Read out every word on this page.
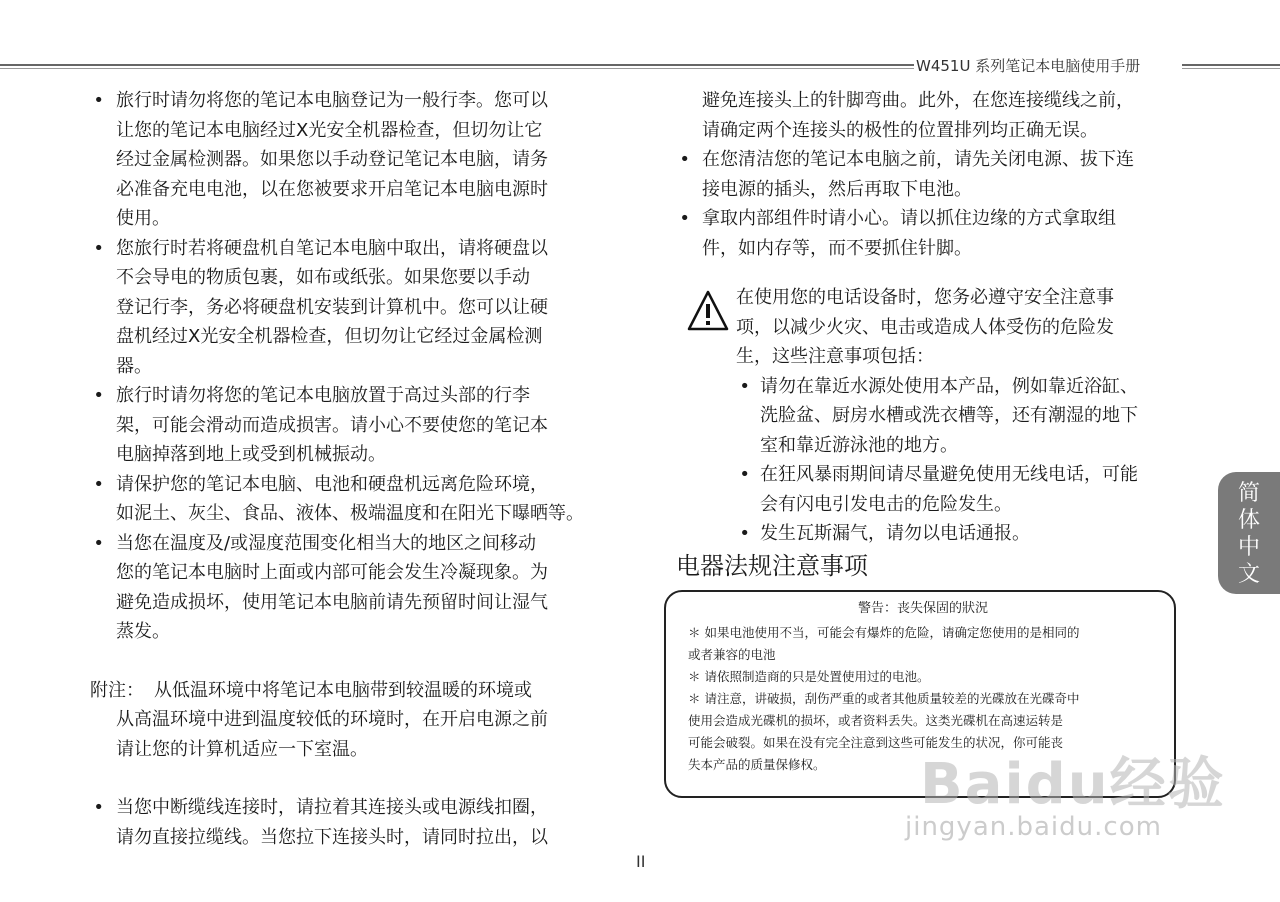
W451U 系列笔记本电脑使用手册
• 旅行时请勿将您的笔记本电脑登记为一般行李。您可以
让您的笔记本电脑经过X光安全机器检查，但切勿让它
经过金属检测器。如果您以手动登记笔记本电脑，请务
必准备充电电池，以在您被要求开启笔记本电脑电源时
使用。
• 您旅行时若将硬盘机自笔记本电脑中取出，请将硬盘以
不会导电的物质包裹，如布或纸张。如果您要以手动
登记行李，务必将硬盘机安装到计算机中。您可以让硬
盘机经过X光安全机器检查，但切勿让它经过金属检测
器。
• 旅行时请勿将您的笔记本电脑放置于高过头部的行李
架，可能会滑动而造成损害。请小心不要使您的笔记本
电脑掉落到地上或受到机械振动。
• 请保护您的笔记本电脑、电池和硬盘机远离危险环境，
如泥土、灰尘、食品、液体、极端温度和在阳光下曝晒等。
• 当您在温度及/或湿度范围变化相当大的地区之间移动
您的笔记本电脑时上面或内部可能会发生冷凝现象。为
避免造成损坏，使用笔记本电脑前请先预留时间让湿气
蒸发。
附注： 从低温环境中将笔记本电脑带到较温暖的环境或
从高温环境中进到温度较低的环境时，在开启电源之前
请让您的计算机适应一下室温。
• 当您中断缆线连接时，请拉着其连接头或电源线扣圈，
请勿直接拉缆线。当您拉下连接头时，请同时拉出，以
避免连接头上的针脚弯曲。此外，在您连接缆线之前，
请确定两个连接头的极性的位置排列均正确无误。
• 在您清洁您的笔记本电脑之前，请先关闭电源、拔下连
接电源的插头，然后再取下电池。
• 拿取内部组件时请小心。请以抓住边缘的方式拿取组
件，如内存等，而不要抓住针脚。
在使用您的电话设备时，您务必遵守安全注意事
项，以减少火灾、电击或造成人体受伤的危险发
生，这些注意事项包括：
• 请勿在靠近水源处使用本产品，例如靠近浴缸、
洗脸盆、厨房水槽或洗衣槽等，还有潮湿的地下
室和靠近游泳池的地方。
• 在狂风暴雨期间请尽量避免使用无线电话，可能
会有闪电引发电击的危险发生。
• 发生瓦斯漏气，请勿以电话通报。
电器法规注意事项
警告：丧失保固的狀況
＊ 如果电池使用不当，可能会有爆炸的危险，请确定您使用的是相同的
或者兼容的电池
＊ 请依照制造商的只是处置使用过的电池。
＊ 请注意，讲破损，刮伤严重的或者其他质量较差的光碟放在光碟奇中
使用会造成光碟机的损坏，或者资料丢失。这类光碟机在高速运转是
可能会破裂。如果在没有完全注意到这些可能发生的状况，你可能丧
失本产品的质量保修权。
简
体
中
文
II
Baidu经验
jingyan.baidu.com
